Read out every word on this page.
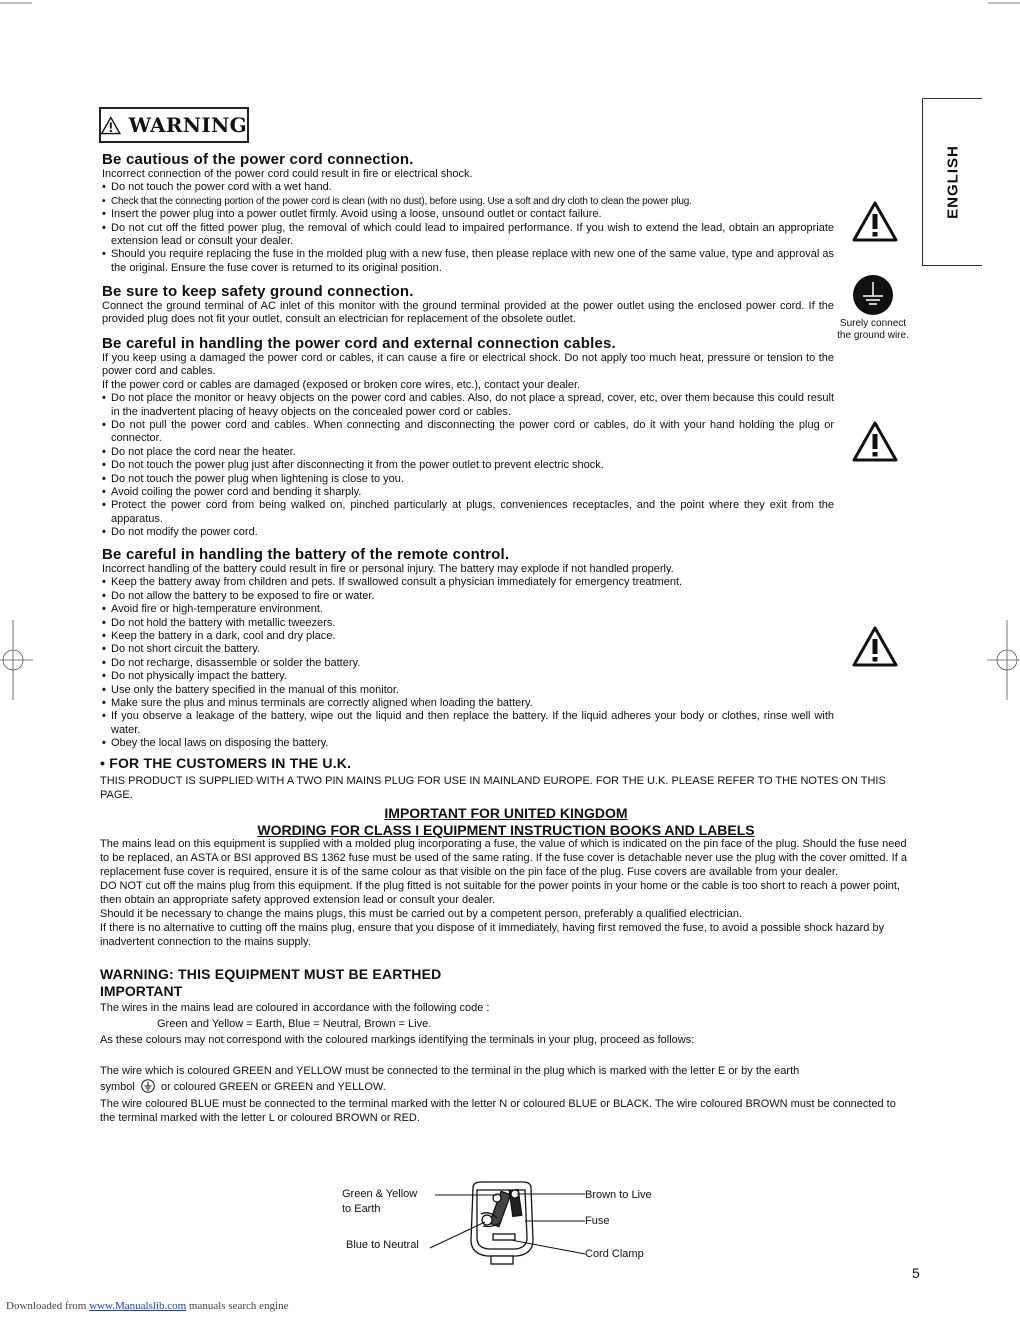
WARNING
ENGLISH
Be cautious of the power cord connection.

Incorrect connection of the power cord could result in fire or electrical shock.

• Do not touch the power cord with a wet hand.
• Check that the connecting portion of the power cord is clean (with no dust), before using. Use a soft and dry cloth to clean the power plug.
• Insert the power plug into a power outlet firmly. Avoid using a loose, unsound outlet or contact failure.
• Do not cut off the fitted power plug, the removal of which could lead to impaired performance. If you wish to extend the lead, obtain an appropriate extension lead or consult your dealer.
• Should you require replacing the fuse in the molded plug with a new fuse, then please replace with new one of the same value, type and approval as the original. Ensure the fuse cover is returned to its original position.
Be sure to keep safety ground connection.

Connect the ground terminal of AC inlet of this monitor with the ground terminal provided at the power outlet using the enclosed power cord. If the provided plug does not fit your outlet, consult an electrician for replacement of the obsolete outlet.

Be careful in handling the power cord and external connection cables.

If you keep using a damaged the power cord or cables, it can cause a fire or electrical shock. Do not apply too much heat, pressure or tension to the power cord and cables.

If the power cord or cables are damaged (exposed or broken core wires, etc.), contact your dealer.

• Do not place the monitor or heavy objects on the power cord and cables. Also, do not place a spread, cover, etc, over them because this could result in the inadvertent placing of heavy objects on the concealed power cord or cables.
• Do not pull the power cord and cables. When connecting and disconnecting the power cord or cables, do it with your hand holding the plug or connector.
• Do not place the cord near the heater.
• Do not touch the power plug just after disconnecting it from the power outlet to prevent electric shock.
• Do not touch the power plug when lightening is close to you.
• Avoid coiling the power cord and bending it sharply.
• Protect the power cord from being walked on, pinched particularly at plugs, conveniences receptacles, and the point where they exit from the apparatus.
• Do not modify the power cord.
Be careful in handling the battery of the remote control.

Incorrect handling of the battery could result in fire or personal injury. The battery may explode if not handled properly.

• Keep the battery away from children and pets. If swallowed consult a physician immediately for emergency treatment.
• Do not allow the battery to be exposed to fire or water.
• Avoid fire or high-temperature environment.
• Do not hold the battery with metallic tweezers.
• Keep the battery in a dark, cool and dry place.
• Do not short circuit the battery.
• Do not recharge, disassemble or solder the battery.
• Do not physically impact the battery.
• Use only the battery specified in the manual of this monitor.
• Make sure the plus and minus terminals are correctly aligned when loading the battery.
• If you observe a leakage of the battery, wipe out the liquid and then replace the battery. If the liquid adheres your body or clothes, rinse well with water.
• Obey the local laws on disposing the battery.
Surely connect
the ground wire.
• FOR THE CUSTOMERS IN THE U.K.

THIS PRODUCT IS SUPPLIED WITH A TWO PIN MAINS PLUG FOR USE IN MAINLAND EUROPE. FOR THE U.K. PLEASE REFER TO THE NOTES ON THIS PAGE.

IMPORTANT FOR UNITED KINGDOM
WORDING FOR CLASS I EQUIPMENT INSTRUCTION BOOKS AND LABELS

The mains lead on this equipment is supplied with a molded plug incorporating a fuse, the value of which is indicated on the pin face of the plug. Should the fuse need to be replaced, an ASTA or BSI approved BS 1362 fuse must be used of the same rating. If the fuse cover is detachable never use the plug with the cover omitted. If a replacement fuse cover is required, ensure it is of the same colour as that visible on the pin face of the plug. Fuse covers are available from your dealer.

DO NOT cut off the mains plug from this equipment. If the plug fitted is not suitable for the power points in your home or the cable is too short to reach a power point, then obtain an appropriate safety approved extension lead or consult your dealer.

Should it be necessary to change the mains plugs, this must be carried out by a competent person, preferably a qualified electrician.

If there is no alternative to cutting off the mains plug, ensure that you dispose of it immediately, having first removed the fuse, to avoid a possible shock hazard by inadvertent connection to the mains supply.

WARNING: THIS EQUIPMENT MUST BE EARTHED
IMPORTANT

The wires in the mains lead are coloured in accordance with the following code :

Green and Yellow = Earth, Blue = Neutral, Brown = Live.

As these colours may not correspond with the coloured markings identifying the terminals in your plug, proceed as follows:

The wire which is coloured GREEN and YELLOW must be connected to the terminal in the plug which is marked with the letter E or by the earth
symbol or coloured GREEN or GREEN and YELLOW.

The wire coloured BLUE must be connected to the terminal marked with the letter N or coloured BLUE or BLACK. The wire coloured BROWN must be connected to the terminal marked with the letter L or coloured BROWN or RED.

Green & Yellow
to Earth
Blue to Neutral
Brown to Live
Fuse
Cord Clamp
5
Downloaded from www.Manualslib.com manuals search engine
